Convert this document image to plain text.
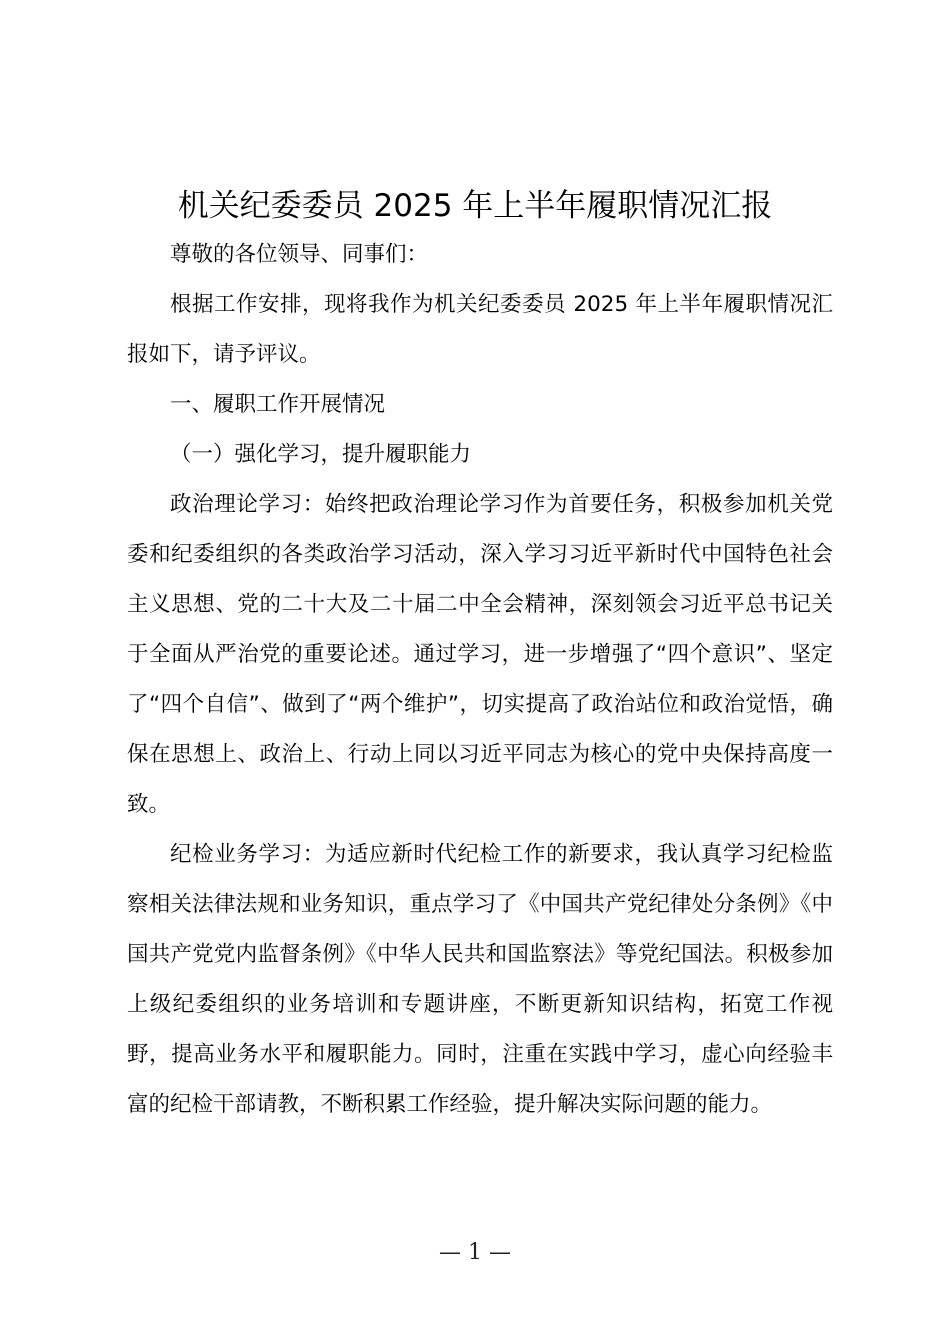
机关纪委委员 2025 年上半年履职情况汇报

尊敬的各位领导、同事们：

根据工作安排，现将我作为机关纪委委员 2025 年上半年履职情况汇报如下，请予评议。

一、履职工作开展情况

（一）强化学习，提升履职能力

政治理论学习：始终把政治理论学习作为首要任务，积极参加机关党委和纪委组织的各类政治学习活动，深入学习习近平新时代中国特色社会主义思想、党的二十大及二十届二中全会精神，深刻领会习近平总书记关于全面从严治党的重要论述。通过学习，进一步增强了“四个意识”、坚定了“四个自信”、做到了“两个维护”，切实提高了政治站位和政治觉悟，确保在思想上、政治上、行动上同以习近平同志为核心的党中央保持高度一致。

纪检业务学习：为适应新时代纪检工作的新要求，我认真学习纪检监察相关法律法规和业务知识，重点学习了《中国共产党纪律处分条例》《中国共产党党内监督条例》《中华人民共和国监察法》等党纪国法。积极参加上级纪委组织的业务培训和专题讲座，不断更新知识结构，拓宽工作视野，提高业务水平和履职能力。同时，注重在实践中学习，虚心向经验丰富的纪检干部请教，不断积累工作经验，提升解决实际问题的能力。

— 1 —
